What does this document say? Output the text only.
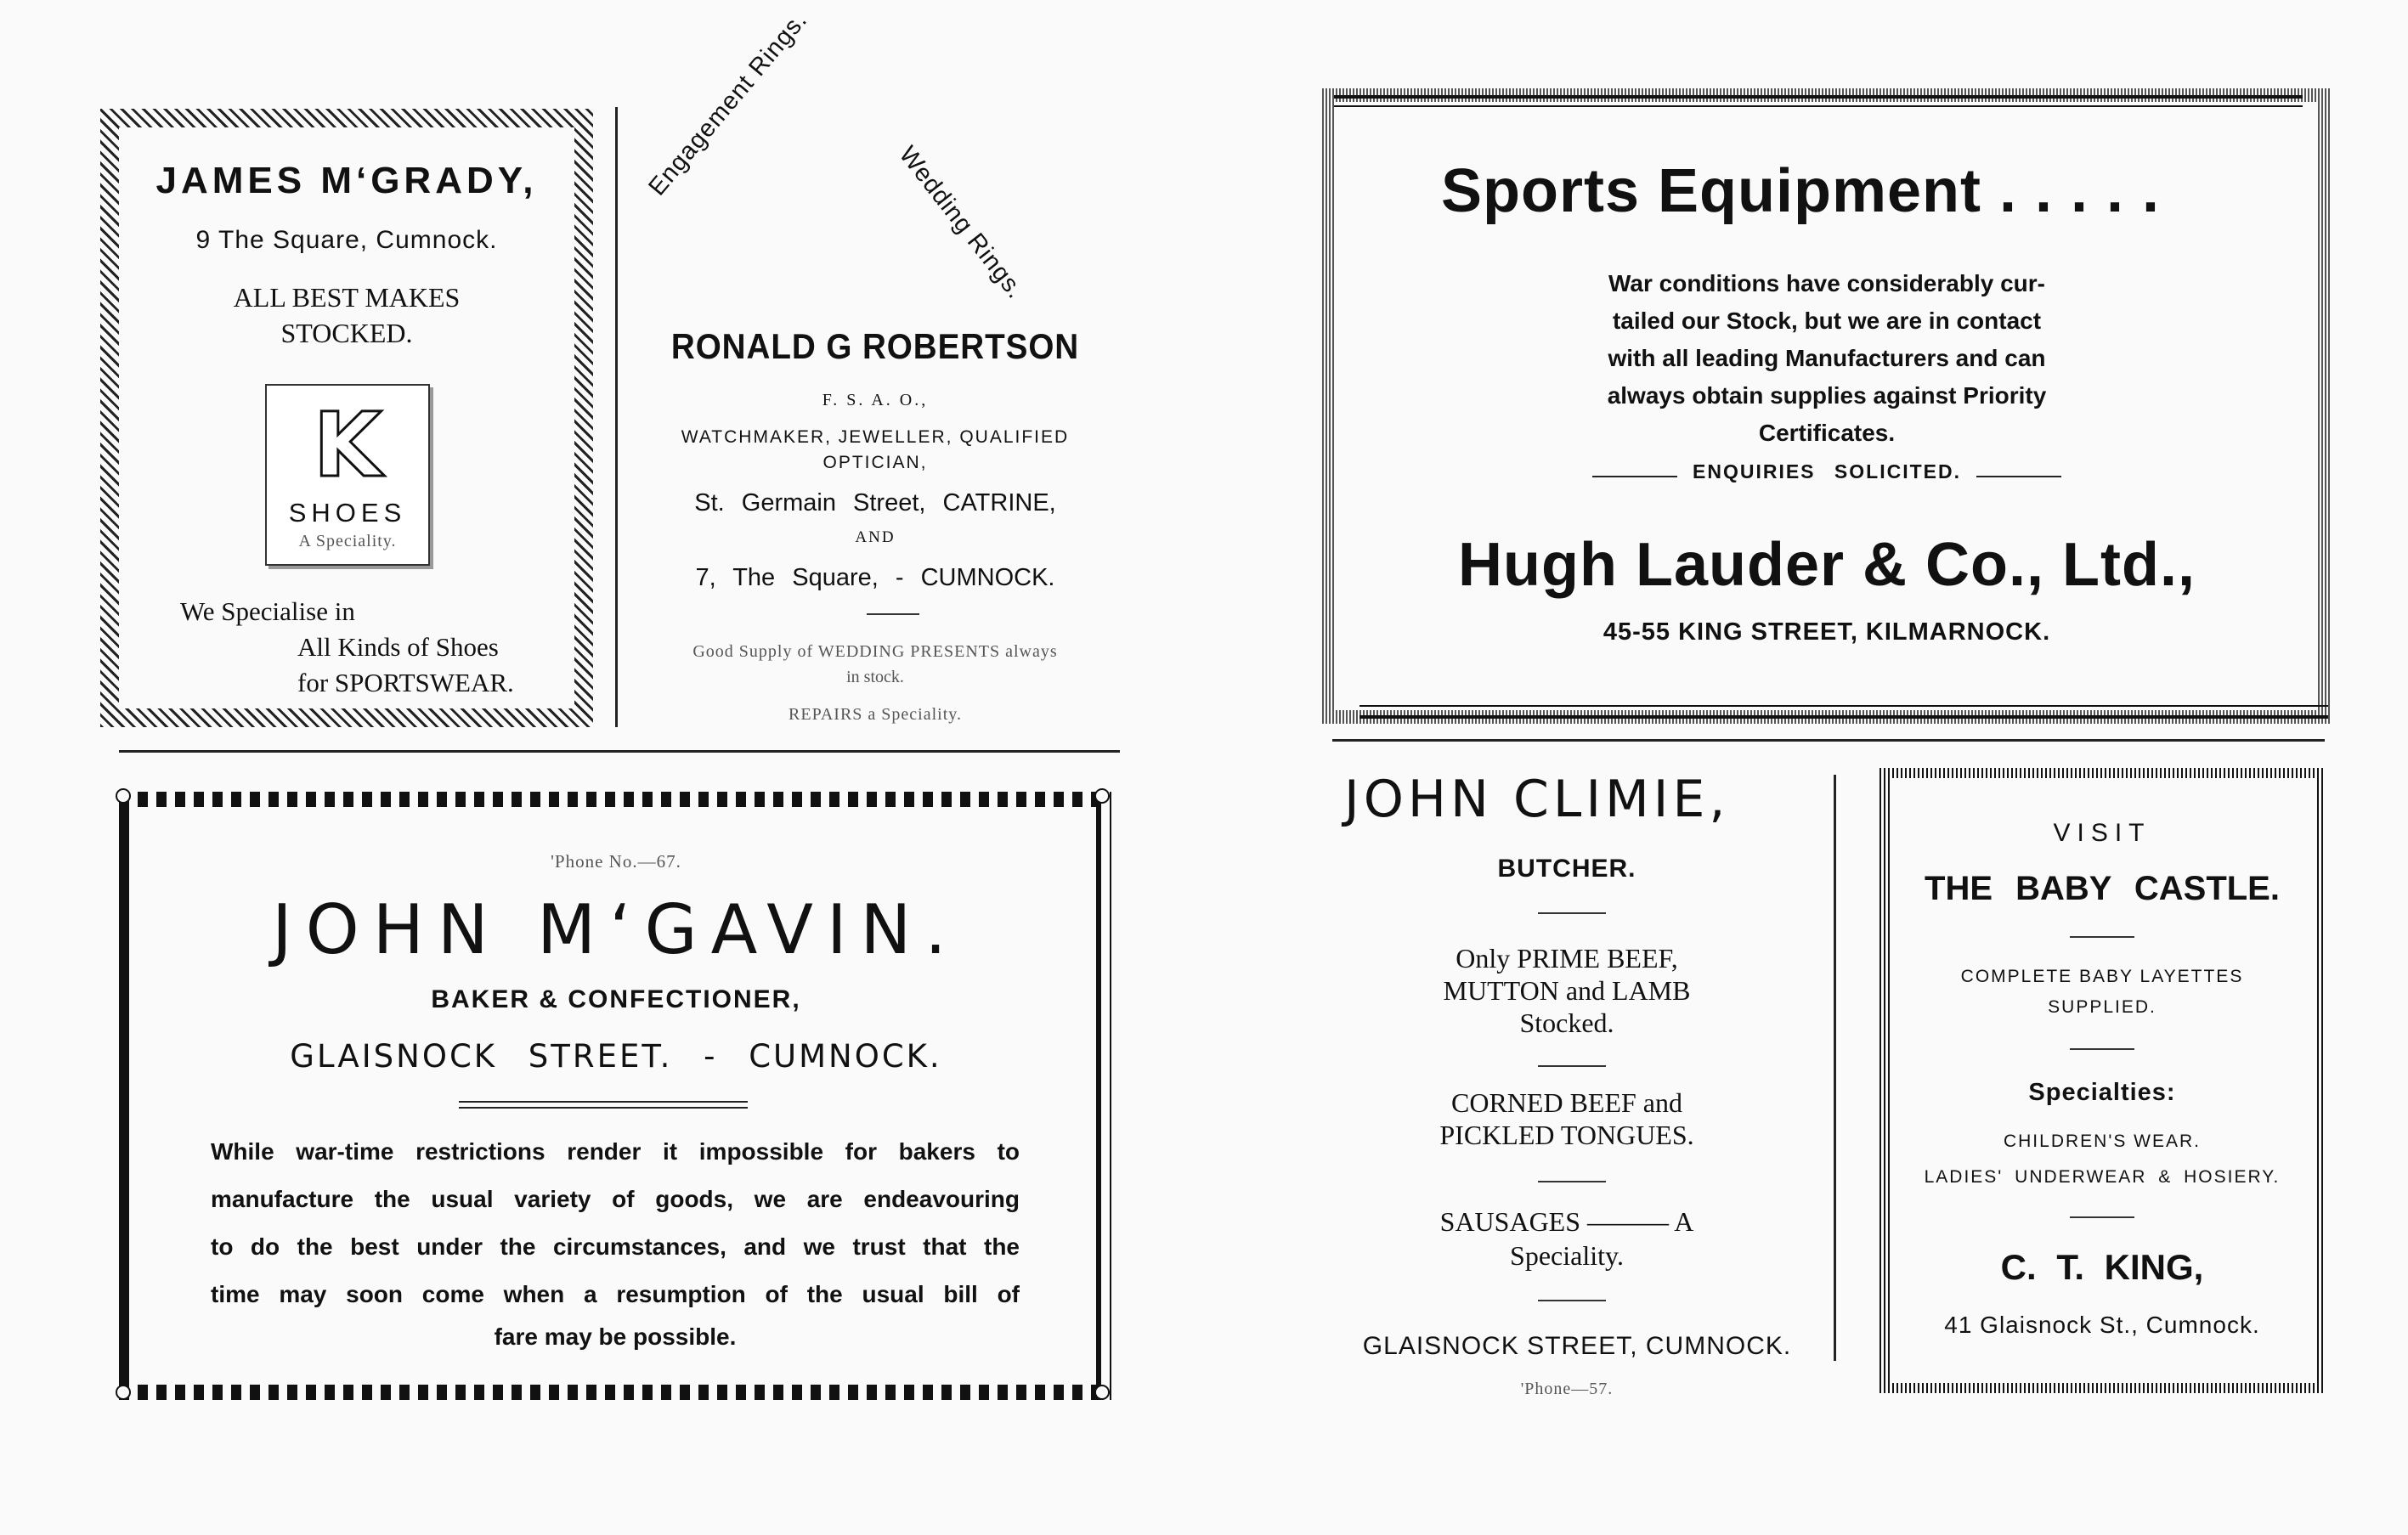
JAMES M‘GRADY,
9 The Square, Cumnock.
ALL BEST MAKES
STOCKED.
K
SHOES
A Speciality.
We Specialise in
All Kinds of Shoes
for SPORTSWEAR.
Engagement Rings.
Wedding Rings.
RONALD G ROBERTSON
F. S. A. O.,
WATCHMAKER, JEWELLER, QUALIFIED
OPTICIAN,
St. Germain Street, CATRINE,
AND
7, The Square, - CUMNOCK.
Good Supply of WEDDING PRESENTS always
in stock.
REPAIRS a Speciality.
'Phone No.—67.
JOHN M‘GAVIN.
BAKER & CONFECTIONER,
GLAISNOCK STREET. - CUMNOCK.
While war-time restrictions render it impossible for bakers to
manufacture the usual variety of goods, we are endeavouring
to do the best under the circumstances, and we trust that the
time may soon come when a resumption of the usual bill of
fare may be possible.
Sports Equipment . . . . .
War conditions have considerably cur-
tailed our Stock, but we are in contact
with all leading Manufacturers and can
always obtain supplies against Priority
Certificates.
ENQUIRIES SOLICITED.
Hugh Lauder & Co., Ltd.,
45-55 KING STREET, KILMARNOCK.
JOHN CLIMIE,
BUTCHER.
Only PRIME BEEF,
MUTTON and LAMB
Stocked.
CORNED BEEF and
PICKLED TONGUES.
SAUSAGES ——— A
Speciality.
GLAISNOCK STREET, CUMNOCK.
'Phone—57.
VISIT
THE BABY CASTLE.
COMPLETE BABY LAYETTES
SUPPLIED.
Specialties:
CHILDREN'S WEAR.
LADIES' UNDERWEAR & HOSIERY.
C. T. KING,
41 Glaisnock St., Cumnock.
